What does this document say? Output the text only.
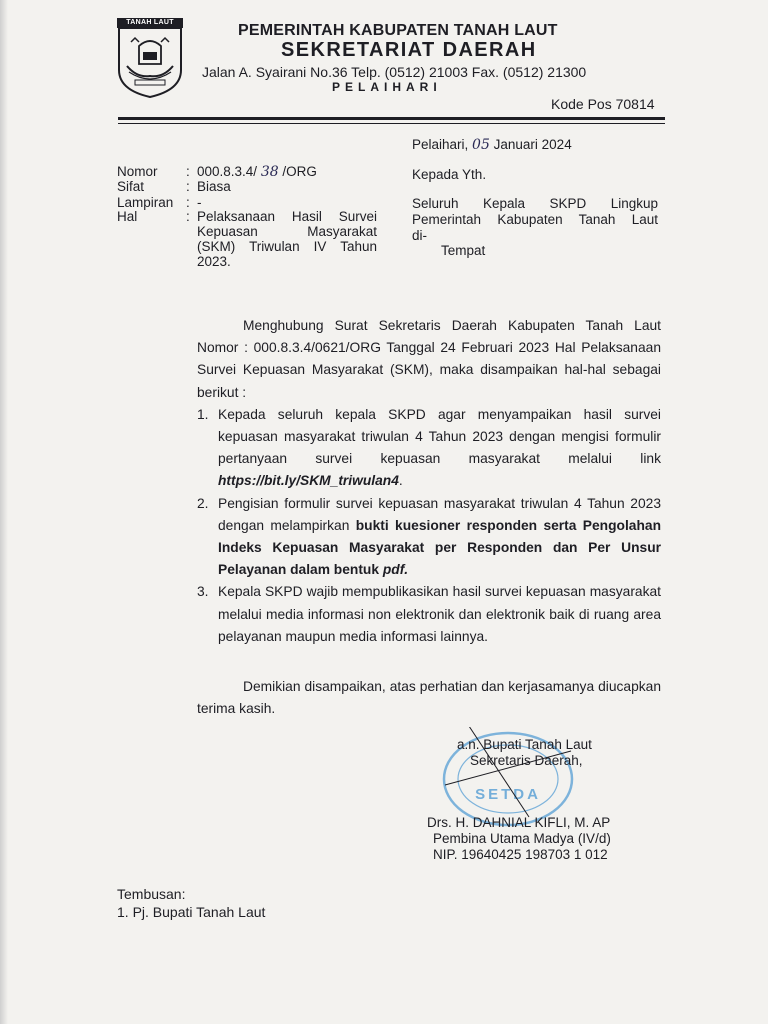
TANAH LAUT	PEMERINTAH KABUPATEN TANAH LAUT
SEKRETARIAT DAERAH
Jalan A. Syairani No.36 Telp. (0512) 21003 Fax. (0512) 21300
PELAIHARI
Kode Pos 70814
Pelaihari, 05 Januari 2024
Nomor : 000.8.3.4/ 38 /ORG
Sifat	: Biasa
Lampiran : -
Hal	: Pelaksanaan Hasil Survei
Kepuasan Masyarakat
(SKM) Triwulan IV Tahun
2023.
Kepada Yth.
Seluruh Kepala SKPD Lingkup
Pemerintah Kabupaten Tanah Laut
di-
Tempat
Menghubung Surat Sekretaris Daerah Kabupaten Tanah Laut Nomor : 000.8.3.4/0621/ORG Tanggal 24 Februari 2023 Hal Pelaksanaan Survei Kepuasan Masyarakat (SKM), maka disampaikan hal-hal sebagai berikut :
1. Kepada seluruh kepala SKPD agar menyampaikan hasil survei kepuasan masyarakat triwulan 4 Tahun 2023 dengan mengisi formulir pertanyaan survei kepuasan masyarakat melalui link https://bit.ly/SKM_triwulan4.
2. Pengisian formulir survei kepuasan masyarakat triwulan 4 Tahun 2023 dengan melampirkan bukti kuesioner responden serta Pengolahan Indeks Kepuasan Masyarakat per Responden dan Per Unsur Pelayanan dalam bentuk pdf.
3. Kepala SKPD wajib mempublikasikan hasil survei kepuasan masyarakat melalui media informasi non elektronik dan elektronik baik di ruang area pelayanan maupun media informasi lainnya.
Demikian disampaikan, atas perhatian dan kerjasamanya diucapkan terima kasih.
SETDA
a.n. Bupati Tanah Laut
Sekretaris Daerah,
Drs. H. DAHNIAL KIFLI, M. AP
Pembina Utama Madya (IV/d)
NIP. 19640425 198703 1 012
Tembusan:
1. Pj. Bupati Tanah Laut
